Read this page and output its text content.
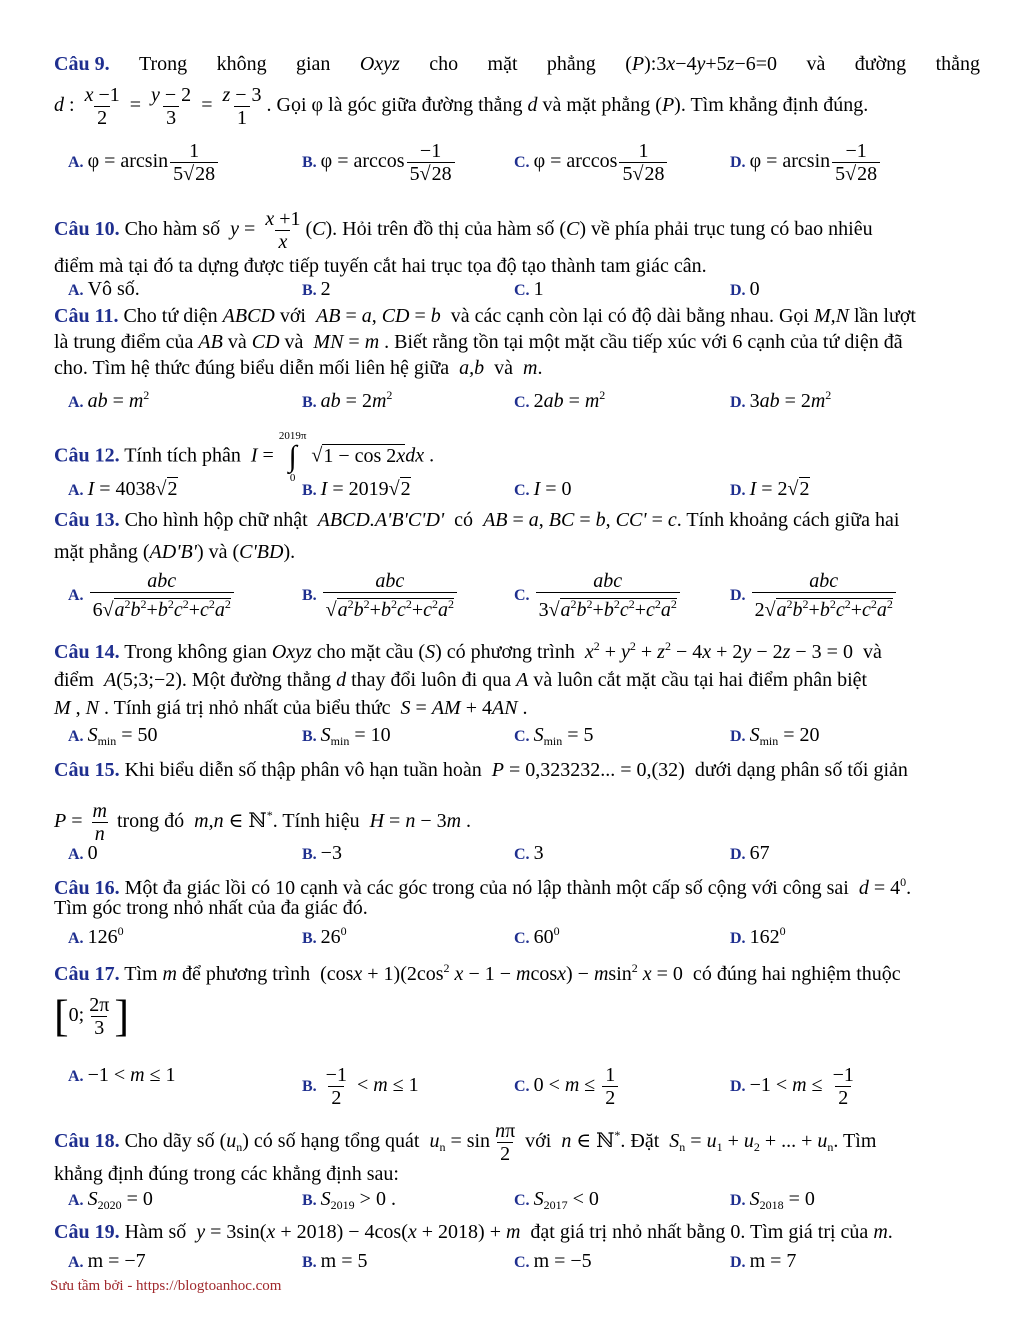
Câu 9. Trong không gian Oxyz cho mặt phẳng (P):3x−4y+5z−6=0 và đường thẳng
d : $\frac{x -1}{2} = \frac{y - 2}{3} = \frac{z - 3}{1}$ . Gọi φ là góc giữa đường thẳng d và mặt phẳng (P). Tìm khẳng định đúng.
A. $\varphi = \arcsin \frac{1}{5√28}$	B. $\varphi = \arccos \frac{-1}{5√28}$	C. $\varphi = \arccos \frac{1}{5√28}$	D. $\varphi = \arcsin \frac{-1}{5√28}$
Câu 10. Cho hàm số  $y = \frac{x +1}{x} (C)$. Hỏi trên đồ thị của hàm số (C) về phía phải trục tung có bao nhiêu
điểm mà tại đó ta dựng được tiếp tuyến cắt hai trục tọa độ tạo thành tam giác cân.
A. Vô số.	B. 2	C. 1	D. 0
Câu 11. Cho tứ diện ABCD với  AB = a, CD = b  và các cạnh còn lại có độ dài bằng nhau. Gọi M,N lần lượt
là trung điểm của AB và CD và  MN = m . Biết rằng tồn tại một mặt cầu tiếp xúc với 6 cạnh của tứ diện đã
cho. Tìm hệ thức đúng biểu diễn mối liên hệ giữa  a,b  và  m.
A. ab = $m^2$	B. ab = $2m^2$	C. $2ab = m^2$	D. $3ab = 2m^2$
Câu 12. Tính tích phân  I =
2019π
∫
0
√1 − cos 2xdx .
A. I = 4038√2	B. I = 2019√2	C. I = 0	D. I = 2√2
Câu 13. Cho hình hộp chữ nhật  ABCD.A'B'C'D'  có  AB = a, BC = b, CC' = c. Tính khoảng cách giữa hai
mặt phẳng (AD'B') và (C'BD).
A. $\frac{\text{abc}}{6√a^2b^2+b^2c^2+c^2a^2}$	B. $\frac{\text{abc}}{√a^2b^2+b^2c^2+c^2a^2}$	C. $\frac{\text{abc}}{3√a^2b^2+b^2c^2+c^2a^2}$	D. $\frac{\text{abc}}{2√a^2b^2+b^2c^2+c^2a^2}$
Câu 14. Trong không gian Oxyz cho mặt cầu (S) có phương trình  $x^2 + y^2 + z^2 - 4x + 2y - 2z - 3 = 0$  và
điểm  A(5;3;−2). Một đường thẳng d thay đổi luôn đi qua A và luôn cắt mặt cầu tại hai điểm phân biệt
M , N . Tính giá trị nhỏ nhất của biểu thức  S = AM + 4AN .
A. $S_{min} = 50$	B. $S_{min} = 10$	C. $S_{min} = 5$	D. $S_{min} = 20$
Câu 15. Khi biểu diễn số thập phân vô hạn tuần hoàn  P = 0,323232... = 0,(32)  dưới dạng phân số tối giản
$P = \frac{m}{n}$ trong đó  m,n ∈ ℕ*. Tính hiệu  H = n − 3m .
A. 0	B. −3	C. 3	D. 67
Câu 16. Một đa giác lồi có 10 cạnh và các góc trong của nó lập thành một cấp số cộng với công sai  $d = 4^0$.
Tìm góc trong nhỏ nhất của đa giác đó.
A. $126^0$	B. $26^0$	C. $60^0$	D. $162^0$
Câu 17. Tìm m để phương trình  $(\cos x + 1)(2\cos^2$ x − 1 − mcosx) − msin$^2$ x = 0  có đúng hai nghiệm thuộc
[0; $\frac{2\pi}{3}$ ]
A. −1 < m ≤ 1
B. $\frac{-1}{2} < m \le 1$	C. $0 < m \le \frac{1}{2}$	D. $-1 < m \le \frac{-1}{2}$
Câu 18. Cho dãy số $(u_n)$ có số hạng tổng quát  $u_n = \sin \frac{n\pi}{2}$ với  n ∈ ℕ*. Đặt  $S_n = u_1 + u_2$ + ... + $u_n$. Tìm
khẳng định đúng trong các khẳng định sau:
A. $S_{2020} = 0$	B. $S_{2019} > 0$ .	C. $S_{2017} < 0$	D. $S_{2018} = 0$
Câu 19. Hàm số  y = 3sin(x + 2018) − 4cos(x + 2018) + m  đạt giá trị nhỏ nhất bằng 0. Tìm giá trị của m.
A. m = −7	B. m = 5	C. m = −5	D. m = 7
Sưu tầm bởi - https://blogtoanhoc.com
